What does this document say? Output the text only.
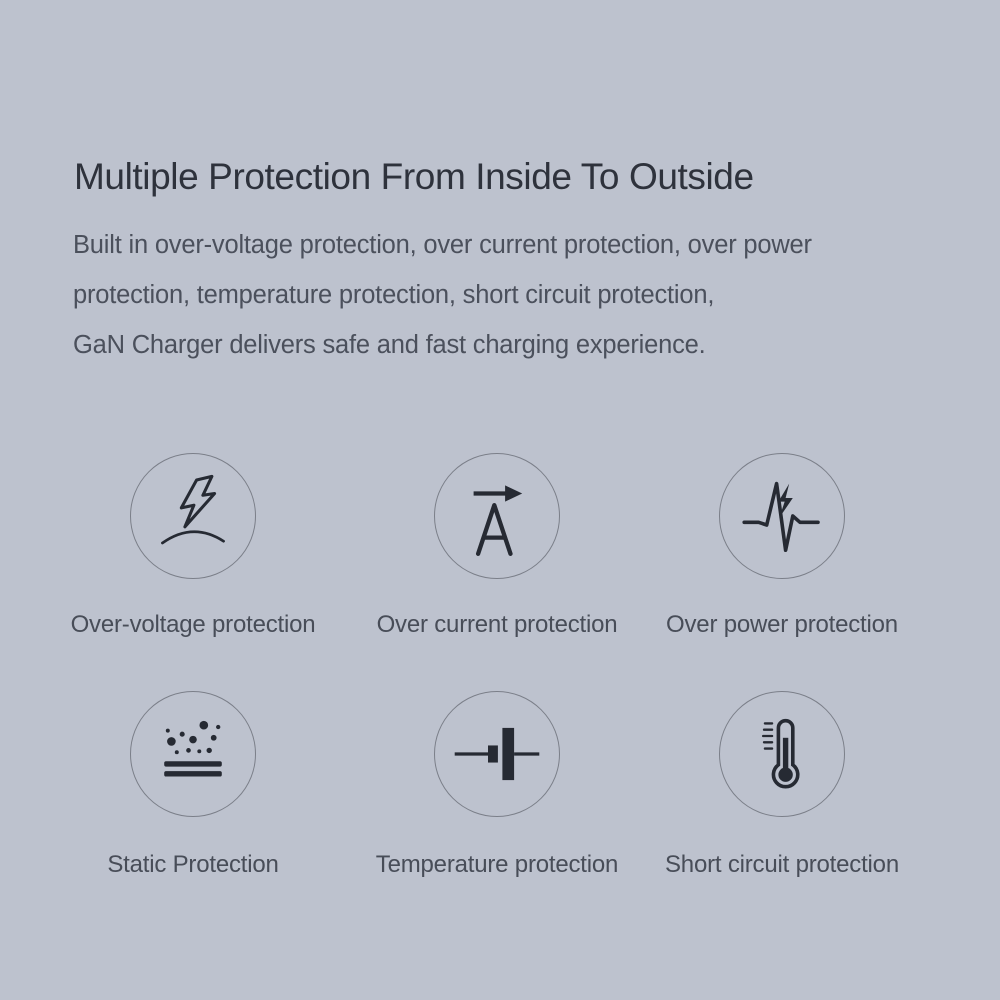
Multiple Protection From Inside To Outside
Built in over-voltage protection, over current protection, over power
protection, temperature protection, short circuit protection,
GaN Charger delivers safe and fast charging experience.
Over-voltage protection	Over current protection Over power protection
Static Protection	Temperature protection Short circuit protection
